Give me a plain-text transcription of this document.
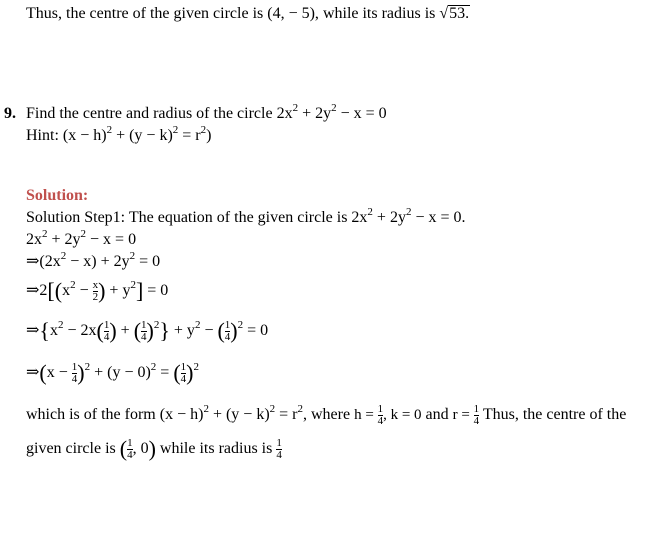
Thus, the centre of the given circle is (4, − 5), while its radius is √53.
9. Find the centre and radius of the circle $2x^2 + 2y^2 - x = 0$
Hint: $(x - h)^2 + (y - k)^2 = r^2$)
Solution:
Solution Step1: The equation of the given circle is $2x^2 + 2y^2 - x = 0$.
$2x^2 + 2y^2 - x = 0$
$\Rightarrow(2x^2 - x) + 2y^2 = 0$
$\Rightarrow 2[(x^2 - \frac{x}{2}$ ) + $y^2] = 0$
$\Rightarrow\{x^2 - 2x( \frac{1}{4}$ ) + ( $\frac{1}{4} )^2\} + y^2$ − ( $\frac{1}{4} )^2 = 0$
⇒(x − $\frac{1}{4} )^2 + (y - 0)^2$ = ( $\frac{1}{4} )^2$
which is of the form $(x - h)^2 + (y - k)^2 = r^2$, where $h = \frac{1}{4}$ , k = 0 and $r = \frac{1}{4}$ Thus, the centre of the
given circle is ( $\frac{1}{4}$ , 0) while its radius is $\frac{1}{4}$
